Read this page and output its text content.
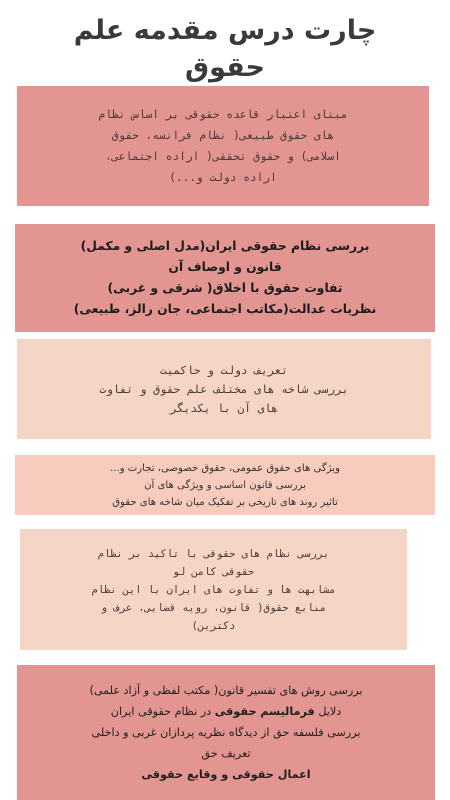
چارت درس مقدمه علم
حقوق
مبنای اعتبار قاعده حقوقی بر اساس نظام
های حقوق طبیعی( نظام فرانسه، حقوق
اسلامی) و حقوق تحققی( اراده اجتماعی،
اراده دولت و...)
بررسی نظام حقوقی ایران(مدل اصلی و مکمل)
قانون و اوصاف آن
تفاوت حقوق با اخلاق( شرقی و غربی)
نظریات عدالت(مکاتب اجتماعی، جان رالز، طبیعی)
تعریف دولت و حاکمیت
بررسی شاخه های مختلف علم حقوق و تفاوت
های آن با یکدیگر
ویژگی های حقوق عمومی، حقوق خصوصی، تجارت و...
بررسی قانون اساسی و ویژگی های آن
تاثیر روند های تاریخی بر تفکیک میان شاخه های حقوق
بررسی نظام های حقوقی با تاکید بر نظام
حقوقی کامن لو
مشابهت ها و تفاوت های ایران با این نظام
منابع حقوق( قانون، رویه قضایی، عرف و
دکترین)
بررسی روش های تفسیر قانون( مکتب لفظی و آزاد علمی)
دلایل فرمالیسم حقوقی در نظام حقوقی ایران
بررسی فلسفه حق از دیدگاه نظریه پردازان غربی و داخلی
تعریف حق
اعمال حقوقی و وقایع حقوقی
